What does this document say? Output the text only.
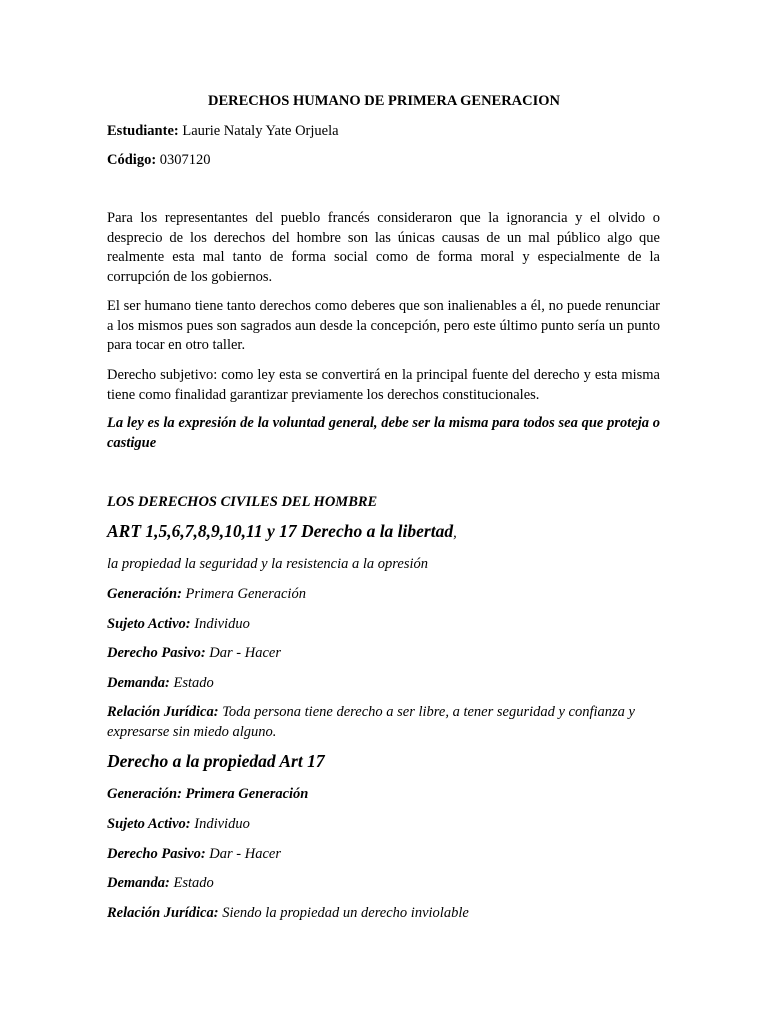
DERECHOS HUMANO DE PRIMERA GENERACION
Estudiante: Laurie Nataly Yate Orjuela
Código: 0307120
Para los representantes del pueblo francés consideraron que la ignorancia y el olvido o desprecio de los derechos del hombre son las únicas causas de un mal público algo que realmente esta mal tanto de forma social como de forma moral y especialmente de la corrupción de los gobiernos.
El ser humano tiene tanto derechos como deberes que son inalienables a él, no puede renunciar a los mismos pues son sagrados aun desde la concepción, pero este último punto sería un punto para tocar en otro taller.
Derecho subjetivo: como ley esta se convertirá en la principal fuente del derecho y esta misma tiene como finalidad garantizar previamente los derechos constitucionales.
La ley es la expresión de la voluntad general, debe ser la misma para todos sea que proteja o castigue
LOS DERECHOS CIVILES DEL HOMBRE
ART 1,5,6,7,8,9,10,11 y 17 Derecho a la libertad,
la propiedad la seguridad y la resistencia a la opresión
Generación: Primera Generación
Sujeto Activo: Individuo
Derecho Pasivo: Dar - Hacer
Demanda: Estado
Relación Jurídica: Toda persona tiene derecho a ser libre, a tener seguridad y confianza y expresarse sin miedo alguno.
Derecho a la propiedad Art 17
Generación: Primera Generación
Sujeto Activo: Individuo
Derecho Pasivo: Dar - Hacer
Demanda: Estado
Relación Jurídica: Siendo la propiedad un derecho inviolable
